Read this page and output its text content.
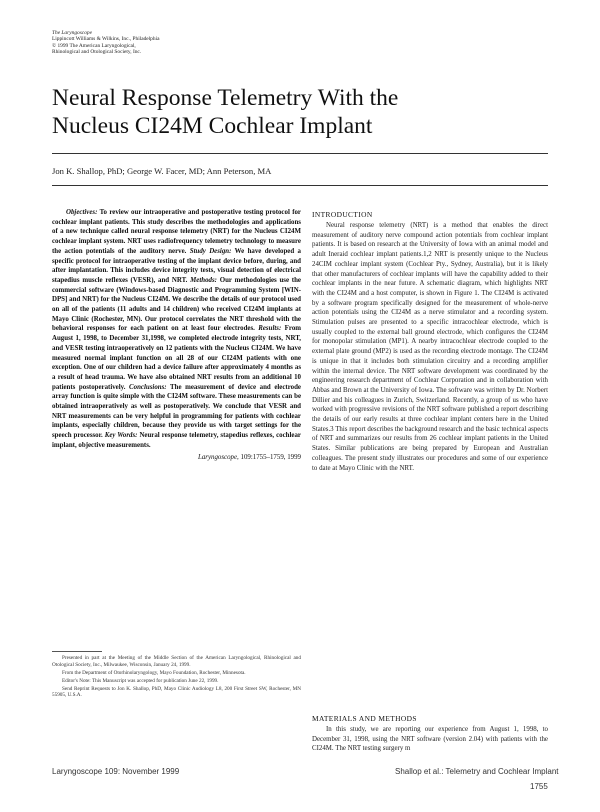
The Laryngoscope
Lippincott Williams & Wilkins, Inc., Philadelphia
© 1999 The American Laryngological,
Rhinological and Otological Society, Inc.
Neural Response Telemetry With the
Nucleus CI24M Cochlear Implant
Jon K. Shallop, PhD; George W. Facer, MD; Ann Peterson, MA

Objectives: To review our intraoperative and postoperative testing protocol for cochlear implant patients. This study describes the methodologies and applications of a new technique called neural response telemetry (NRT) for the Nucleus CI24M cochlear implant system. NRT uses radiofrequency telemetry technology to measure the action potentials of the auditory nerve. Study Design: We have developed a specific protocol for intraoperative testing of the implant device before, during, and after implantation. This includes device integrity tests, visual detection of electrical stapedius muscle reflexes (VESR), and NRT. Methods: Our methodologies use the commercial software (Windows-based Diagnostic and Programming System [WIN-DPS] and NRT) for the Nucleus CI24M. We describe the details of our protocol used on all of the patients (11 adults and 14 children) who received CI24M implants at Mayo Clinic (Rochester, MN). Our protocol correlates the NRT threshold with the behavioral responses for each patient on at least four electrodes. Results: From August 1, 1998, to December 31,1998, we completed electrode integrity tests, NRT, and VESR testing intraoperatively on 12 patients with the Nucleus CI24M. We have measured normal implant function on all 28 of our CI24M patients with one exception. One of our children had a device failure after approximately 4 months as a result of head trauma. We have also obtained NRT results from an additional 10 patients postoperatively. Conclusions: The measurement of device and electrode array function is quite simple with the CI24M software. These measurements can be obtained intraoperatively as well as postoperatively. We conclude that VESR and NRT measurements can be very helpful in programming for patients with cochlear implants, especially children, because they provide us with target settings for the speech processor. Key Words: Neural response telemetry, stapedius reflexes, cochlear implant, objective measurements.

Laryngoscope, 109:1755–1759, 1999

Presented in part at the Meeting of the Middle Section of the American Laryngological, Rhinological and Otological Society, Inc., Milwaukee, Wisconsin, January 24, 1999.

From the Department of Otorhinolaryngology, Mayo Foundation, Rochester, Minnesota.

Editor's Note: This Manuscript was accepted for publication June 22, 1999.

Send Reprint Requests to Jon K. Shallop, PhD, Mayo Clinic Audiology L8, 200 First Street SW, Rochester, MN 55905, U.S.A.

INTRODUCTION

Neural response telemetry (NRT) is a method that enables the direct measurement of auditory nerve compound action potentials from cochlear implant patients. It is based on research at the University of Iowa with an animal model and adult Ineraid cochlear implant patients.1,2 NRT is presently unique to the Nucleus 24CIM cochlear implant system (Cochlear Pty., Sydney, Australia), but it is likely that other manufacturers of cochlear implants will have the capability added to their cochlear implants in the near future. A schematic diagram, which highlights NRT with the CI24M and a host computer, is shown in Figure 1. The CI24M is activated by a software program specifically designed for the measurement of whole-nerve action potentials using the CI24M as a nerve stimulator and a recording system. Stimulation pulses are presented to a specific intracochlear electrode, which is usually coupled to the external ball ground electrode, which configures the CI24M for monopolar stimulation (MP1). A nearby intracochlear electrode coupled to the external plate ground (MP2) is used as the recording electrode montage. The CI24M is unique in that it includes both stimulation circuitry and a recording amplifier within the internal device. The NRT software development was coordinated by the engineering research department of Cochlear Corporation and in collaboration with Abbas and Brown at the University of Iowa. The software was written by Dr. Norbert Dillier and his colleagues in Zurich, Switzerland. Recently, a group of us who have worked with progressive revisions of the NRT software published a report describing the details of our early results at three cochlear implant centers here in the United States.3 This report describes the background research and the basic technical aspects of NRT and summarizes our results from 26 cochlear implant patients in the United States. Similar publications are being prepared by European and Australian colleagues. The present study illustrates our procedures and some of our experience to date at Mayo Clinic with the NRT.

MATERIALS AND METHODS

In this study, we are reporting our experience from August 1, 1998, to December 31, 1998, using the NRT software (version 2.04) with patients with the CI24M. The NRT testing surgery m

Laryngoscope 109: November 1999	Shallop et al.: Telemetry and Cochlear Implant
1755
